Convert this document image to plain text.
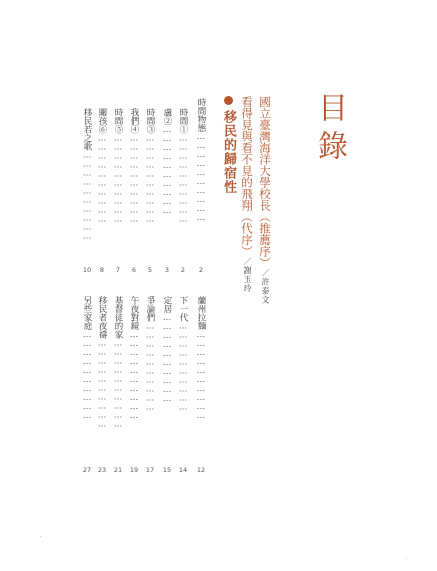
目錄
國立臺灣海洋大學校長（推薦序）／許泰文
看得見與看不見的飛翔（代序）／謝玉玲
移民的歸宿性
時間物態…………………………
2
時間①…………………………
2
盧②…………………………
3
時間③…………………………
5
我們④…………………………
6
時間⑤…………………………
7
關孩⑥…………………………
8
移民若之歌…………………………
10
蘭州拉麵…………………………
12
下一代…………………………
14
定居…………………………
15
爭論們…………………………
17
午夜對鏡…………………………
19
基督徒的家…………………………
21
移民者夜禱…………………………
23
另些家庭…………………………
27
